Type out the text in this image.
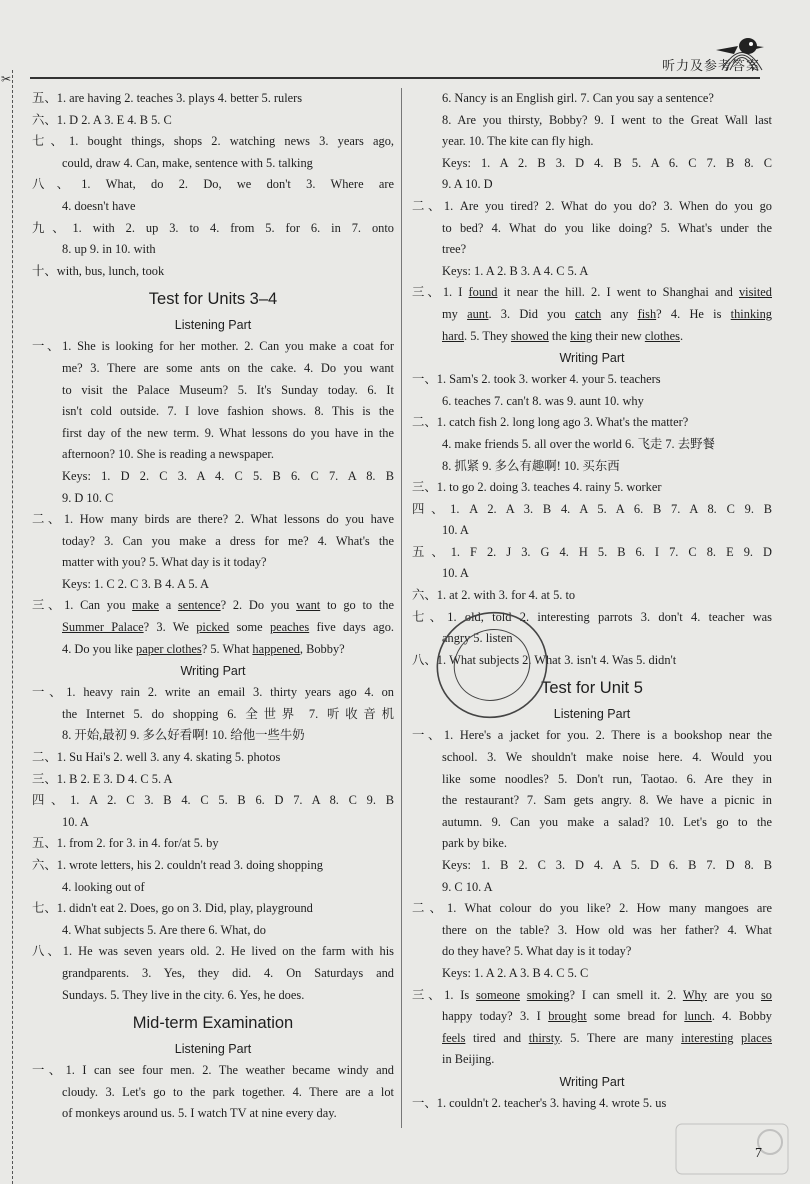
✂
听力及参考答案
五、1. are having 2. teaches 3. plays 4. better 5. rulers
六、1. D 2. A 3. E 4. B 5. C
七、1. bought things, shops 2. watching news 3. years ago,
could, draw 4. Can, make, sentence with 5. talking
八、1. What, do 2. Do, we don't 3. Where are
4. doesn't have
九、1. with 2. up 3. to 4. from 5. for 6. in 7. onto
8. up 9. in 10. with
十、with, bus, lunch, took
Test for Units 3–4
Listening Part
一、1. She is looking for her mother. 2. Can you make a coat for
me? 3. There are some ants on the cake. 4. Do you want
to visit the Palace Museum? 5. It's Sunday today. 6. It
isn't cold outside. 7. I love fashion shows. 8. This is the
first day of the new term. 9. What lessons do you have in the
afternoon? 10. She is reading a newspaper.
Keys: 1. D 2. C 3. A 4. C 5. B 6. C 7. A 8. B
9. D 10. C
二、1. How many birds are there? 2. What lessons do you have
today? 3. Can you make a dress for me? 4. What's the
matter with you? 5. What day is it today?
Keys: 1. C 2. C 3. B 4. A 5. A
三、1. Can you make a sentence? 2. Do you want to go to the
Summer Palace? 3. We picked some peaches five days ago.
4. Do you like paper clothes? 5. What happened, Bobby?
Writing Part
一、1. heavy rain 2. write an email 3. thirty years ago 4. on
the Internet 5. do shopping 6. 全世界 7. 听收音机
8. 开始,最初 9. 多么好看啊! 10. 给他一些牛奶
二、1. Su Hai's 2. well 3. any 4. skating 5. photos
三、1. B 2. E 3. D 4. C 5. A
四、1. A 2. C 3. B 4. C 5. B 6. D 7. A 8. C 9. B
10. A
五、1. from 2. for 3. in 4. for/at 5. by
六、1. wrote letters, his 2. couldn't read 3. doing shopping
4. looking out of
七、1. didn't eat 2. Does, go on 3. Did, play, playground
4. What subjects 5. Are there 6. What, do
八、1. He was seven years old. 2. He lived on the farm with his
grandparents. 3. Yes, they did. 4. On Saturdays and
Sundays. 5. They live in the city. 6. Yes, he does.
Mid-term Examination
Listening Part
一、1. I can see four men. 2. The weather became windy and
cloudy. 3. Let's go to the park together. 4. There are a lot
of monkeys around us. 5. I watch TV at nine every day.
6. Nancy is an English girl. 7. Can you say a sentence?
8. Are you thirsty, Bobby? 9. I went to the Great Wall last
year. 10. The kite can fly high.
Keys: 1. A 2. B 3. D 4. B 5. A 6. C 7. B 8. C
9. A 10. D
二、1. Are you tired? 2. What do you do? 3. When do you go
to bed? 4. What do you like doing? 5. What's under the
tree?
Keys: 1. A 2. B 3. A 4. C 5. A
三、1. I found it near the hill. 2. I went to Shanghai and visited
my aunt. 3. Did you catch any fish? 4. He is thinking
hard. 5. They showed the king their new clothes.
Writing Part
一、1. Sam's 2. took 3. worker 4. your 5. teachers
6. teaches 7. can't 8. was 9. aunt 10. why
二、1. catch fish 2. long long ago 3. What's the matter?
4. make friends 5. all over the world 6. 飞走 7. 去野餐
8. 抓紧 9. 多么有趣啊! 10. 买东西
三、1. to go 2. doing 3. teaches 4. rainy 5. worker
四、1. A 2. A 3. B 4. A 5. A 6. B 7. A 8. C 9. B
10. A
五、1. F 2. J 3. G 4. H 5. B 6. I 7. C 8. E 9. D
10. A
六、1. at 2. with 3. for 4. at 5. to
七、1. old, told 2. interesting parrots 3. don't 4. teacher was
angry 5. listen
八、1. What subjects 2. What 3. isn't 4. Was 5. didn't
Test for Unit 5
Listening Part
一、1. Here's a jacket for you. 2. There is a bookshop near the
school. 3. We shouldn't make noise here. 4. Would you
like some noodles? 5. Don't run, Taotao. 6. Are they in
the restaurant? 7. Sam gets angry. 8. We have a picnic in
autumn. 9. Can you make a salad? 10. Let's go to the
park by bike.
Keys: 1. B 2. C 3. D 4. A 5. D 6. B 7. D 8. B
9. C 10. A
二、1. What colour do you like? 2. How many mangoes are
there on the table? 3. How old was her father? 4. What
do they have? 5. What day is it today?
Keys: 1. A 2. A 3. B 4. C 5. C
三、1. Is someone smoking? I can smell it. 2. Why are you so
happy today? 3. I brought some bread for lunch. 4. Bobby
feels tired and thirsty. 5. There are many interesting places
in Beijing.
Writing Part
一、1. couldn't 2. teacher's 3. having 4. wrote 5. us
7
